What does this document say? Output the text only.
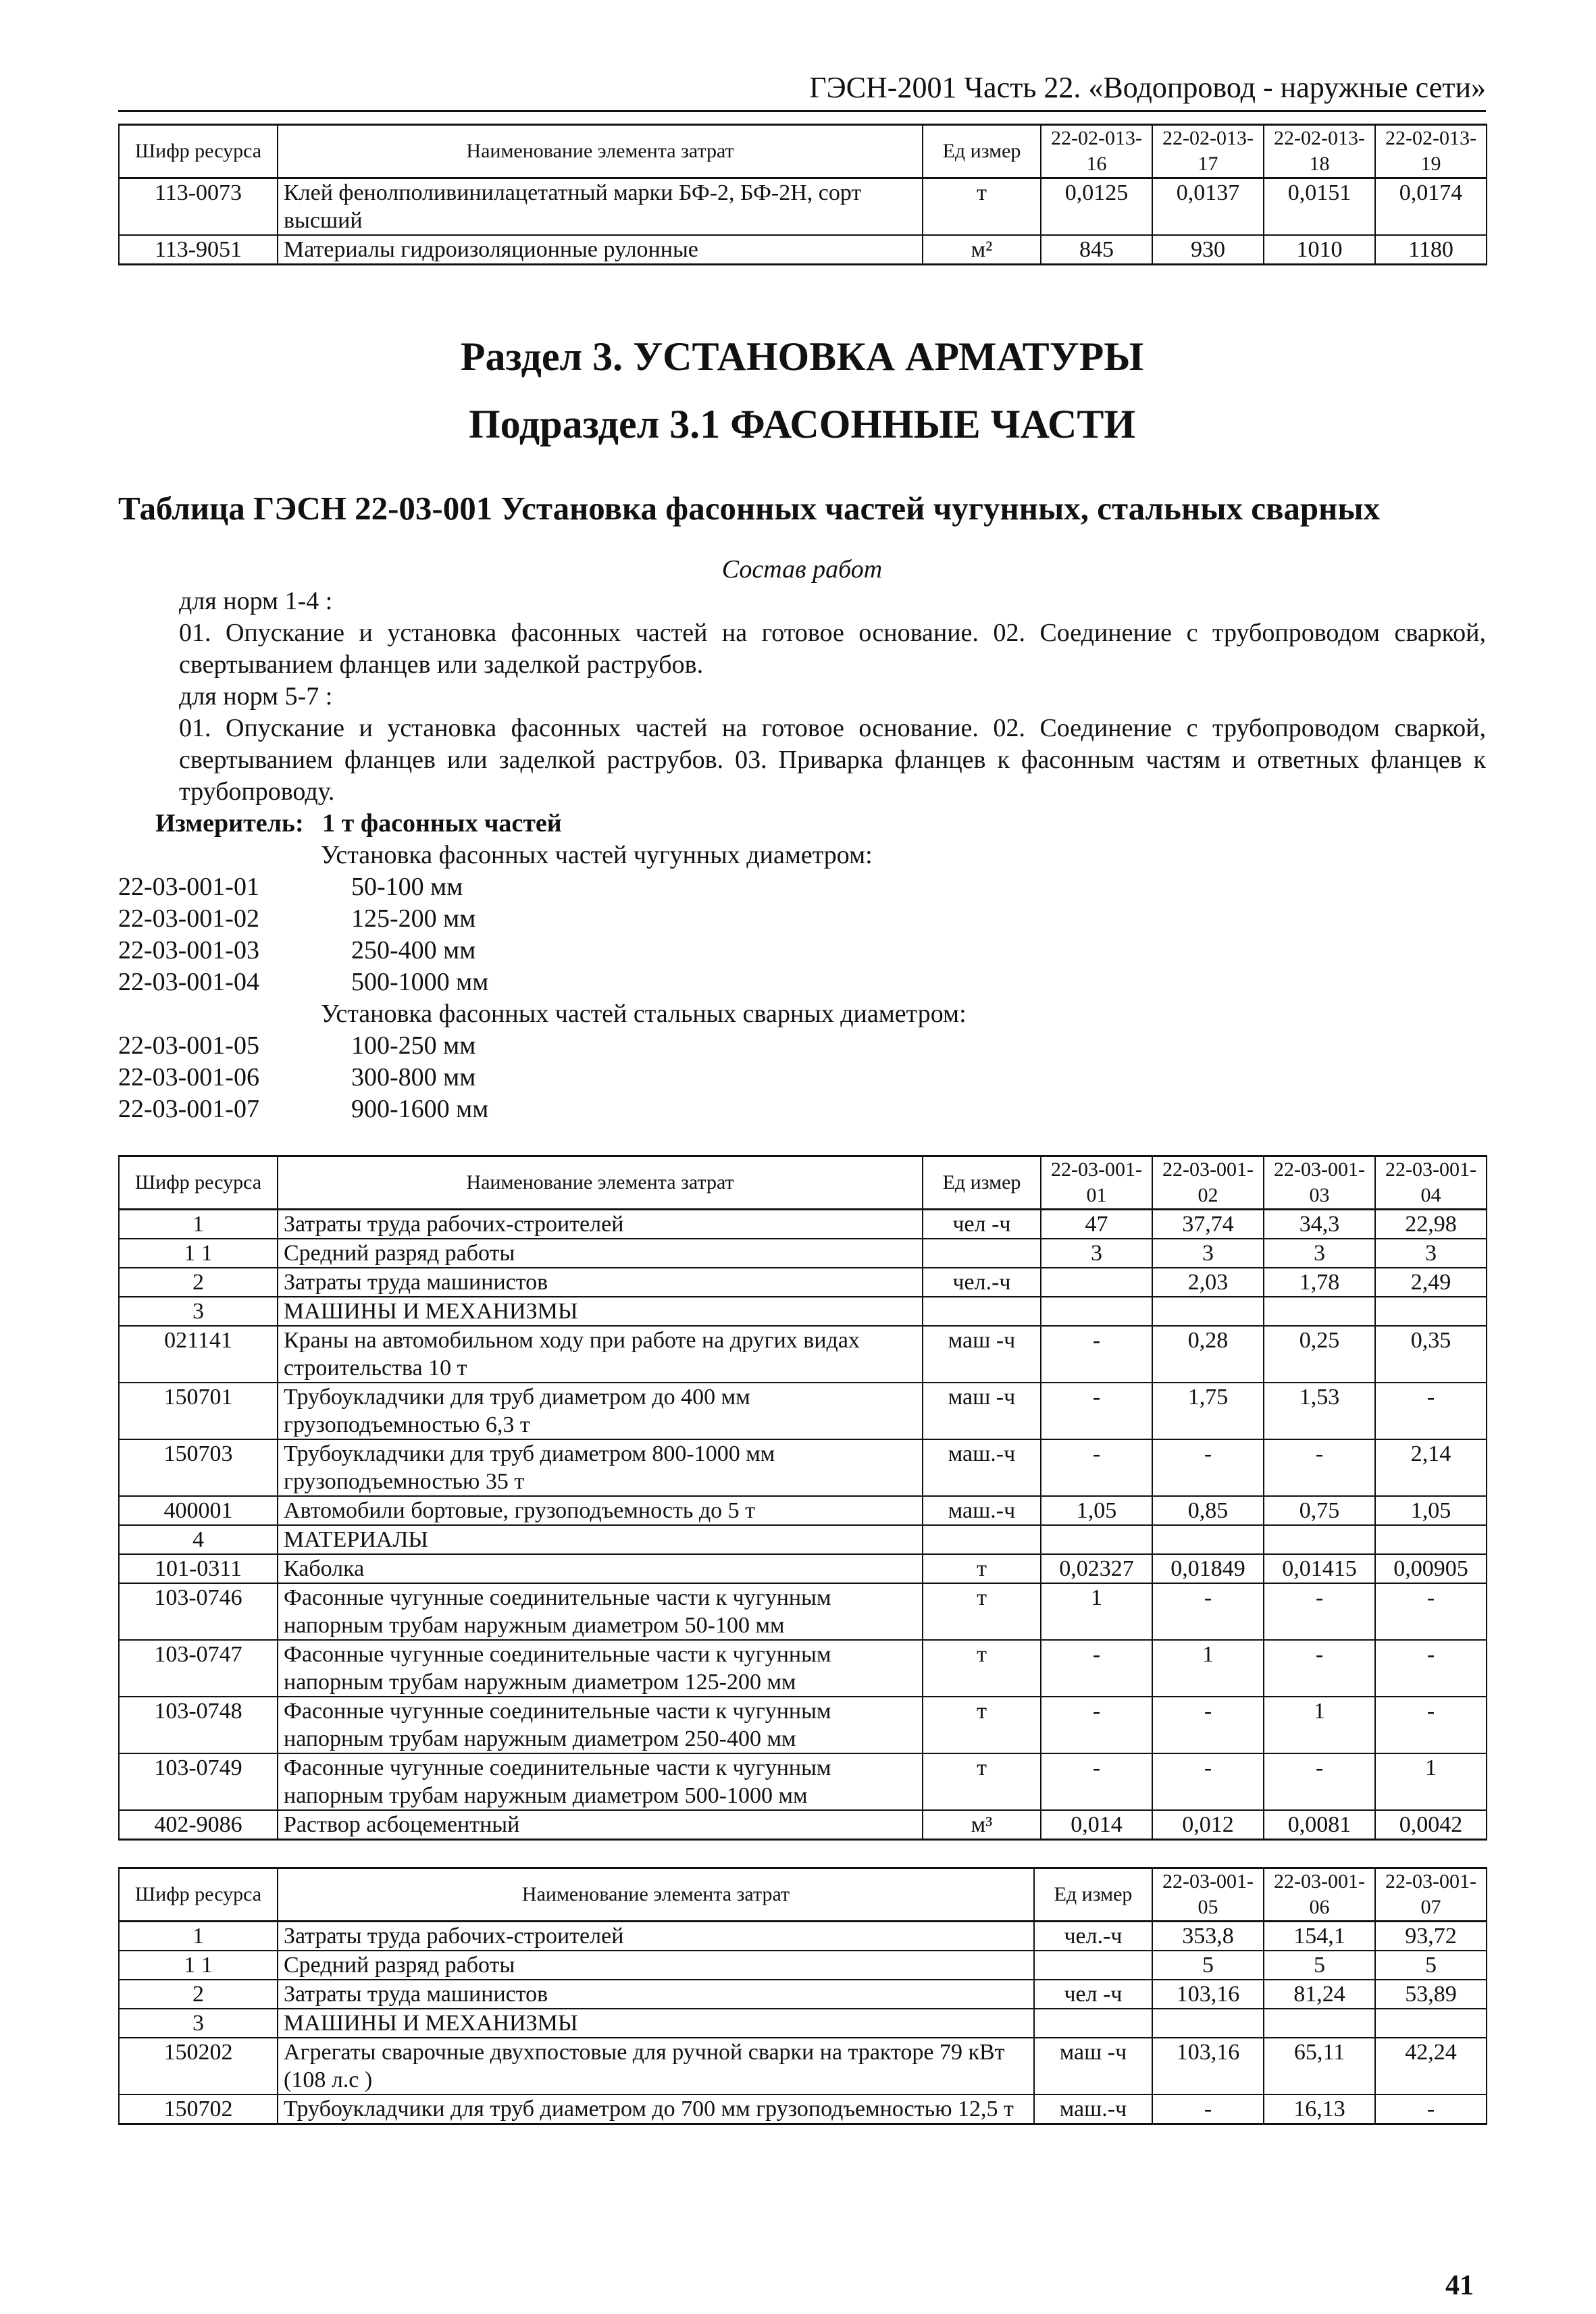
ГЭСН-2001 Часть 22. «Водопровод - наружные сети»
Шифр ресурса	Наименование элемента затрат	Ед измер	22-02-013-16	22-02-013-17	22-02-013-18	22-02-013-19
113-0073	Клей фенолполивинилацетатный марки БФ-2, БФ-2Н, сорт высший	т	0,0125	0,0137	0,0151	0,0174
113-9051	Материалы гидроизоляционные рулонные	м²	845	930	1010	1180
Раздел 3. УСТАНОВКА АРМАТУРЫ
Подраздел 3.1 ФАСОННЫЕ ЧАСТИ
Таблица ГЭСН 22-03-001 Установка фасонных частей чугунных, стальных сварных

Состав работ

для норм 1-4 :

01. Опускание и установка фасонных частей на готовое основание. 02. Соединение с трубопроводом сваркой, свертыванием фланцев или заделкой раструбов.

для норм 5-7 :

01. Опускание и установка фасонных частей на готовое основание. 02. Соединение с трубопроводом сваркой, свертыванием фланцев или заделкой раструбов. 03. Приварка фланцев к фасонным частям и ответных фланцев к трубопроводу.

Измеритель: 1 т фасонных частей

Установка фасонных частей чугунных диаметром:

22-03-001-01	50-100 мм
22-03-001-02	125-200 мм
22-03-001-03	250-400 мм
22-03-001-04	500-1000 мм

Установка фасонных частей стальных сварных диаметром:

22-03-001-05	100-250 мм
22-03-001-06	300-800 мм
22-03-001-07	900-1600 мм
Шифр ресурса	Наименование элемента затрат	Ед измер	22-03-001-01	22-03-001-02	22-03-001-03	22-03-001-04
1	Затраты труда рабочих-строителей	чел -ч	47	37,74	34,3	22,98
1 1	Средний разряд работы		3	3	3	3
2	Затраты труда машинистов	чел.-ч		2,03	1,78	2,49
3	МАШИНЫ И МЕХАНИЗМЫ					
021141	Краны на автомобильном ходу при работе на других видах строительства 10 т	маш -ч	-	0,28	0,25	0,35
150701	Трубоукладчики для труб диаметром до 400 мм грузоподъемностью 6,3 т	маш -ч	-	1,75	1,53	-
150703	Трубоукладчики для труб диаметром 800-1000 мм грузоподъемностью 35 т	маш.-ч	-	-	-	2,14
400001	Автомобили бортовые, грузоподъемность до 5 т	маш.-ч	1,05	0,85	0,75	1,05
4	МАТЕРИАЛЫ					
101-0311	Каболка	т	0,02327	0,01849	0,01415	0,00905
103-0746	Фасонные чугунные соединительные части к чугунным напорным трубам наружным диаметром 50-100 мм	т	1	-	-	-
103-0747	Фасонные чугунные соединительные части к чугунным напорным трубам наружным диаметром 125-200 мм	т	-	1	-	-
103-0748	Фасонные чугунные соединительные части к чугунным напорным трубам наружным диаметром 250-400 мм	т	-	-	1	-
103-0749	Фасонные чугунные соединительные части к чугунным напорным трубам наружным диаметром 500-1000 мм	т	-	-	-	1
402-9086	Раствор асбоцементный	м³	0,014	0,012	0,0081	0,0042
Шифр ресурса	Наименование элемента затрат	Ед измер	22-03-001-05	22-03-001-06	22-03-001-07
1	Затраты труда рабочих-строителей	чел.-ч	353,8	154,1	93,72
1 1	Средний разряд работы		5	5	5
2	Затраты труда машинистов	чел -ч	103,16	81,24	53,89
3	МАШИНЫ И МЕХАНИЗМЫ				
150202	Агрегаты сварочные двухпостовые для ручной сварки на тракторе 79 кВт (108 л.с )	маш -ч	103,16	65,11	42,24
150702	Трубоукладчики для труб диаметром до 700 мм грузоподъемностью 12,5 т	маш.-ч	-	16,13	-
41
